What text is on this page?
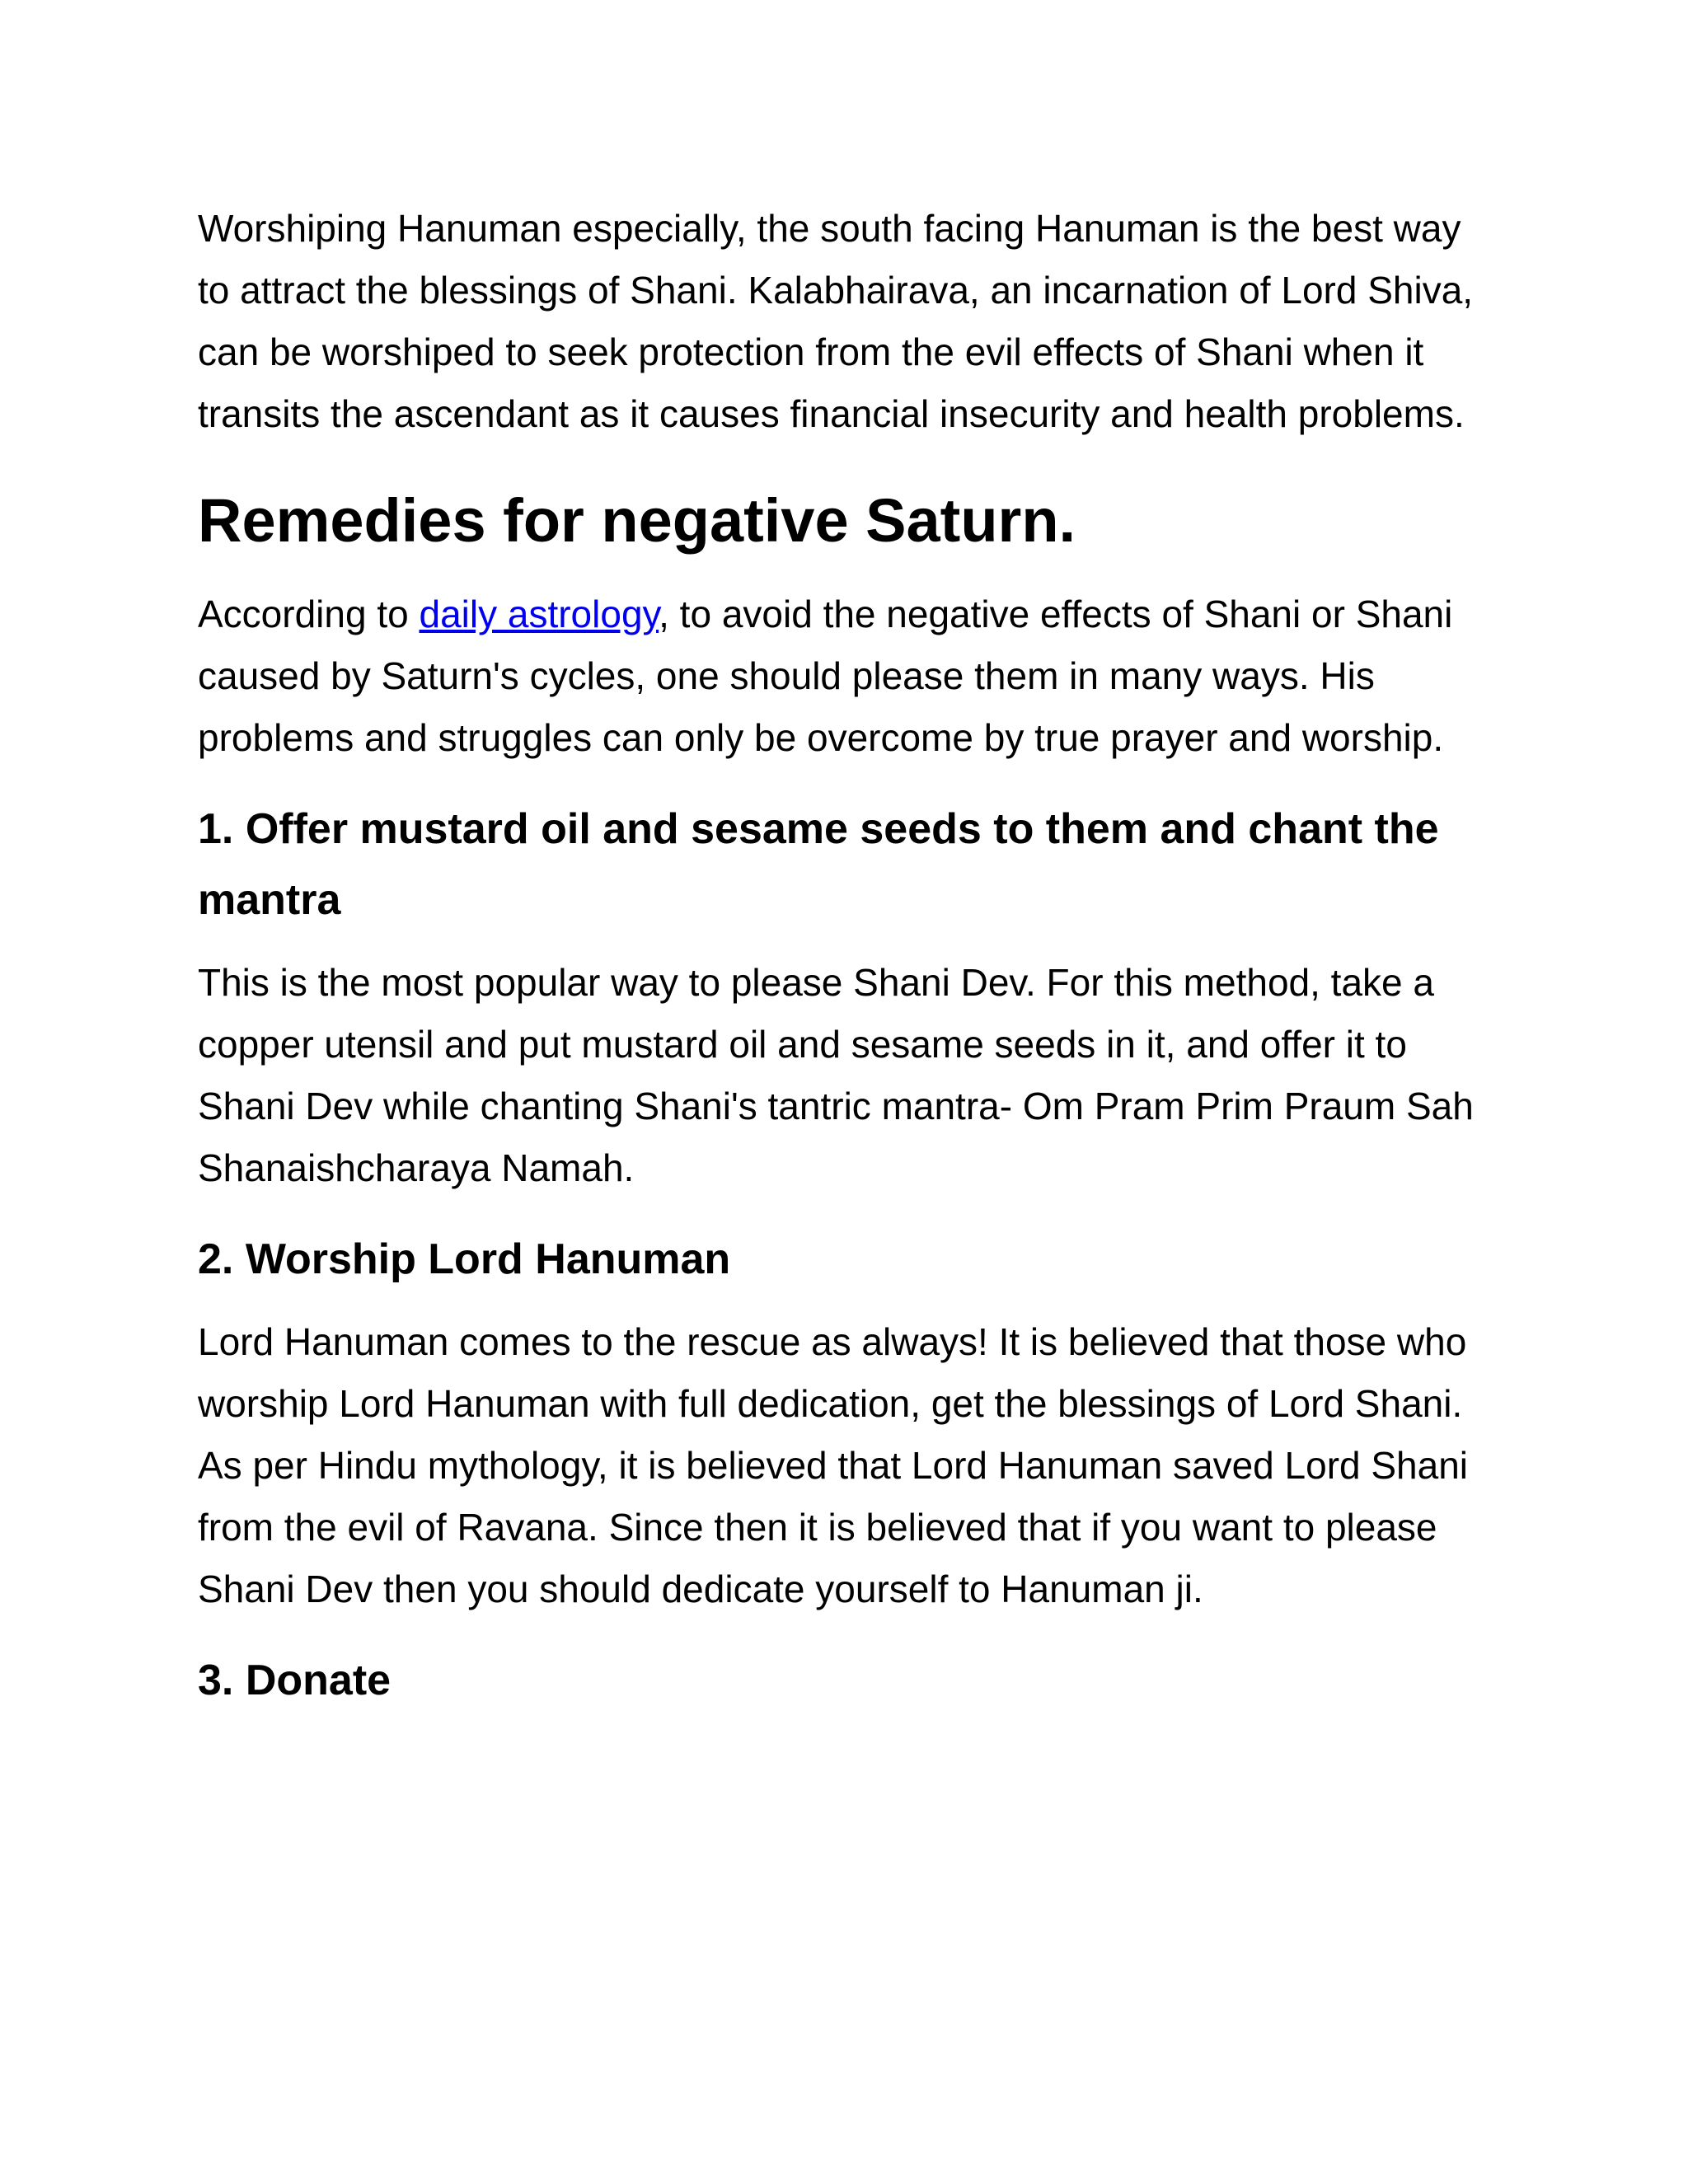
Worshiping Hanuman especially, the south facing Hanuman is the best way to attract the blessings of Shani. Kalabhairava, an incarnation of Lord Shiva, can be worshiped to seek protection from the evil effects of Shani when it transits the ascendant as it causes financial insecurity and health problems.

Remedies for negative Saturn.

According to daily astrology, to avoid the negative effects of Shani or Shani caused by Saturn's cycles, one should please them in many ways. His problems and struggles can only be overcome by true prayer and worship.

1. Offer mustard oil and sesame seeds to them and chant the mantra

This is the most popular way to please Shani Dev. For this method, take a copper utensil and put mustard oil and sesame seeds in it, and offer it to Shani Dev while chanting Shani's tantric mantra- Om Pram Prim Praum Sah Shanaishcharaya Namah.

2. Worship Lord Hanuman

Lord Hanuman comes to the rescue as always! It is believed that those who worship Lord Hanuman with full dedication, get the blessings of Lord Shani. As per Hindu mythology, it is believed that Lord Hanuman saved Lord Shani from the evil of Ravana. Since then it is believed that if you want to please Shani Dev then you should dedicate yourself to Hanuman ji.

3. Donate
